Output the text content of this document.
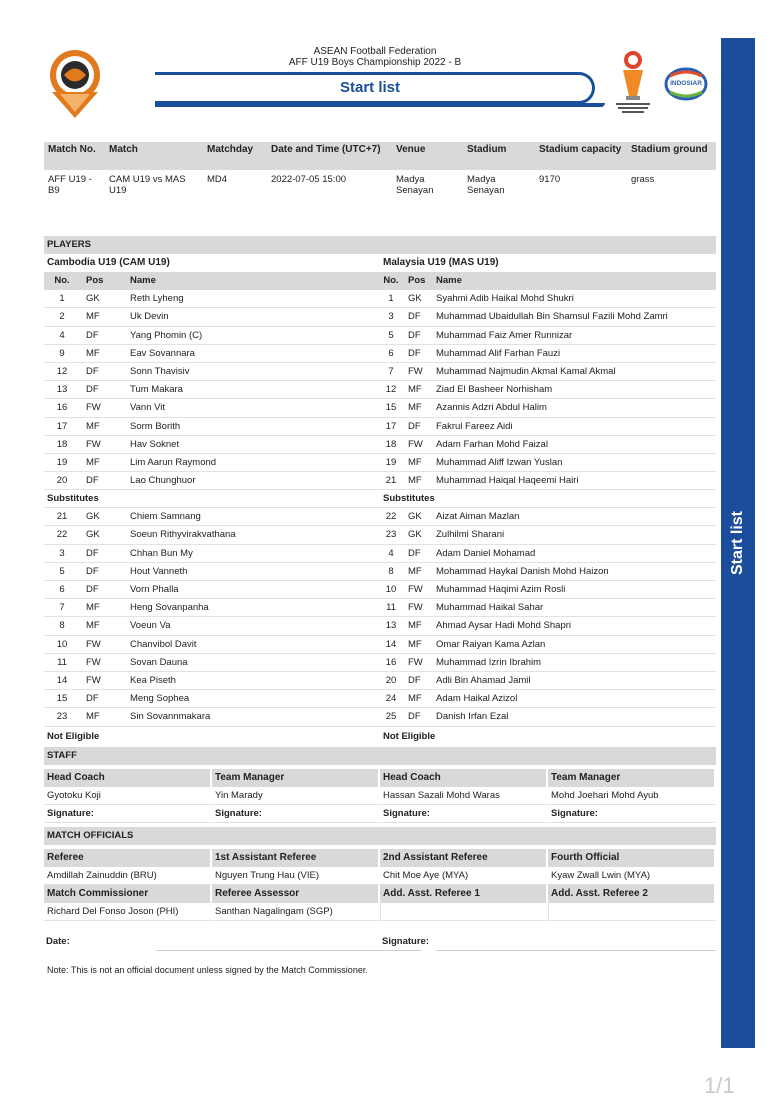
ASEAN Football Federation
AFF U19 Boys Championship 2022 - B
Start list	INDOSIAR
Start list
Match No.	Match	Matchday	Date and Time (UTC+7)	Venue	Stadium	Stadium capacity	Stadium ground
AFF U19 - B9	CAM U19 vs MAS U19	MD4	2022-07-05 15:00	Madya Senayan	Madya Senayan	9170	grass
PLAYERS
Cambodia U19 (CAM U19)
No.	Pos	Name
1	GK	Reth Lyheng
2	MF	Uk Devin
4	DF	Yang Phomin (C)
9	MF	Eav Sovannara
12	DF	Sonn Thavisiv
13	DF	Tum Makara
16	FW	Vann Vit
17	MF	Sorm Borith
18	FW	Hav Soknet
19	MF	Lim Aarun Raymond
20	DF	Lao Chunghuor
Substitutes
21	GK	Chiem Samnang
22	GK	Soeun Rithyvirakvathana
3	DF	Chhan Bun My
5	DF	Hout Vanneth
6	DF	Vorn Phalla
7	MF	Heng Sovanpanha
8	MF	Voeun Va
10	FW	Chanvibol Davit
11	FW	Sovan Dauna
14	FW	Kea Piseth
15	DF	Meng Sophea
23	MF	Sin Sovannmakara
Not Eligible
Malaysia U19 (MAS U19)
No. Pos	Name
1	GK	Syahmi Adib Haikal Mohd Shukri
3	DF	Muhammad Ubaidullah Bin Shamsul Fazili Mohd Zamri
5	DF	Muhammad Faiz Amer Runnizar
6	DF	Muhammad Alif Farhan Fauzi
7	FW	Muhammad Najmudin Akmal Kamal Akmal
12	MF	Ziad El Basheer Norhisham
15	MF	Azannis Adzri Abdul Halim
17	DF	Fakrul Fareez Aidi
18	FW	Adam Farhan Mohd Faizal
19	MF	Muhammad Aliff Izwan Yuslan
21	MF	Muhammad Haiqal Haqeemi Hairi
Substitutes
22	GK	Aizat Aiman Mazlan
23	GK	Zulhilmi Sharani
4	DF	Adam Daniel Mohamad
8	MF	Mohammad Haykal Danish Mohd Haizon
10	FW	Muhammad Haqimi Azim Rosli
11	FW	Muhammad Haikal Sahar
13	MF	Ahmad Aysar Hadi Mohd Shapri
14	MF	Omar Raiyan Kama Azlan
16	FW	Muhammad Izrin Ibrahim
20	DF	Adli Bin Ahamad Jamil
24	MF	Adam Haikal Azizol
25	DF	Danish Irfan Ezal
Not Eligible
STAFF
Head Coach	Team Manager	Head Coach	Team Manager
Gyotoku Koji	Yin Marady	Hassan Sazali Mohd Waras	Mohd Joehari Mohd Ayub
Signature:	Signature:	Signature:	Signature:
MATCH OFFICIALS
Referee	1st Assistant Referee	2nd Assistant Referee	Fourth Official
Amdillah Zainuddin (BRU)	Nguyen Trung Hau (VIE)	Chit Moe Aye (MYA)	Kyaw Zwall Lwin (MYA)
Match Commissioner	Referee Assessor	Add. Asst. Referee 1	Add. Asst. Referee 2
Richard Del Fonso Joson (PHI)	Santhan Nagalingam (SGP)
Date:	Signature:
Note: This is not an official document unless signed by the Match Commissioner.
1/1
